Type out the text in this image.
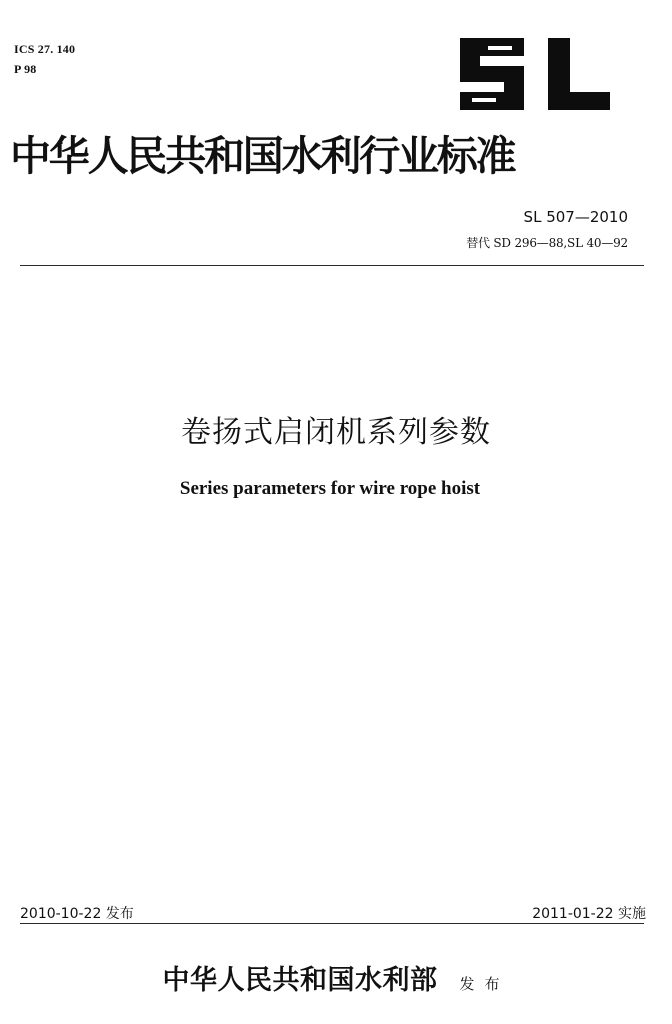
ICS 27. 140
P 98
中华人民共和国水利行业标准
SL 507—2010
替代 SD 296—88,SL 40—92
卷扬式启闭机系列参数
Series parameters for wire rope hoist
2010-10-22 发布	2011-01-22 实施
中华人民共和国水利部 发布
